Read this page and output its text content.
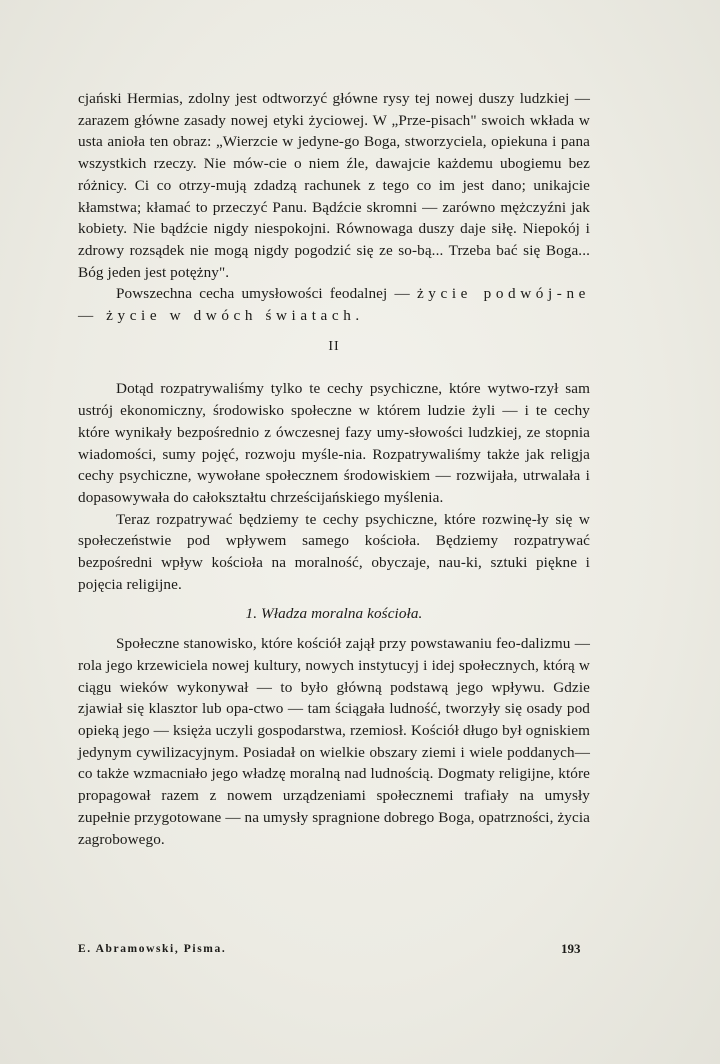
cjański Hermias, zdolny jest odtworzyć główne rysy tej nowej duszy ludzkiej — zarazem główne zasady nowej etyki życiowej. W „Prze-pisach" swoich wkłada w usta anioła ten obraz: „Wierzcie w jedyne-go Boga, stworzyciela, opiekuna i pana wszystkich rzeczy. Nie mów-cie o niem źle, dawajcie każdemu ubogiemu bez różnicy. Ci co otrzy-mują zdadzą rachunek z tego co im jest dano; unikajcie kłamstwa; kłamać to przeczyć Panu. Bądźcie skromni — zarówno mężczyźni jak kobiety. Nie bądźcie nigdy niespokojni. Równowaga duszy daje siłę. Niepokój i zdrowy rozsądek nie mogą nigdy pogodzić się ze so-bą... Trzeba bać się Boga... Bóg jeden jest potężny".

Powszechna cecha umysłowości feodalnej — życie podwój-ne — życie w dwóch światach.

II

Dotąd rozpatrywaliśmy tylko te cechy psychiczne, które wytwo-rzył sam ustrój ekonomiczny, środowisko społeczne w którem ludzie żyli — i te cechy które wynikały bezpośrednio z ówczesnej fazy umy-słowości ludzkiej, ze stopnia wiadomości, sumy pojęć, rozwoju myśle-nia. Rozpatrywaliśmy także jak religja cechy psychiczne, wywołane społecznem środowiskiem — rozwijała, utrwalała i dopasowywała do całokształtu chrześcijańskiego myślenia.

Teraz rozpatrywać będziemy te cechy psychiczne, które rozwinę-ły się w społeczeństwie pod wpływem samego kościoła. Będziemy rozpatrywać bezpośredni wpływ kościoła na moralność, obyczaje, nau-ki, sztuki piękne i pojęcia religijne.

1. Władza moralna kościoła.

Społeczne stanowisko, które kościół zajął przy powstawaniu feo-dalizmu — rola jego krzewiciela nowej kultury, nowych instytucyj i idej społecznych, którą w ciągu wieków wykonywał — to było główną podstawą jego wpływu. Gdzie zjawiał się klasztor lub opa-ctwo — tam ściągała ludność, tworzyły się osady pod opieką jego — księża uczyli gospodarstwa, rzemiosł. Kościół długo był ogniskiem jedynym cywilizacyjnym. Posiadał on wielkie obszary ziemi i wiele poddanych—co także wzmacniało jego władzę moralną nad ludnością. Dogmaty religijne, które propagował razem z nowem urządzeniami społecznemi trafiały na umysły zupełnie przygotowane — na umysły spragnione dobrego Boga, opatrzności, życia zagrobowego.

E. Abramowski, Pisma.	193
